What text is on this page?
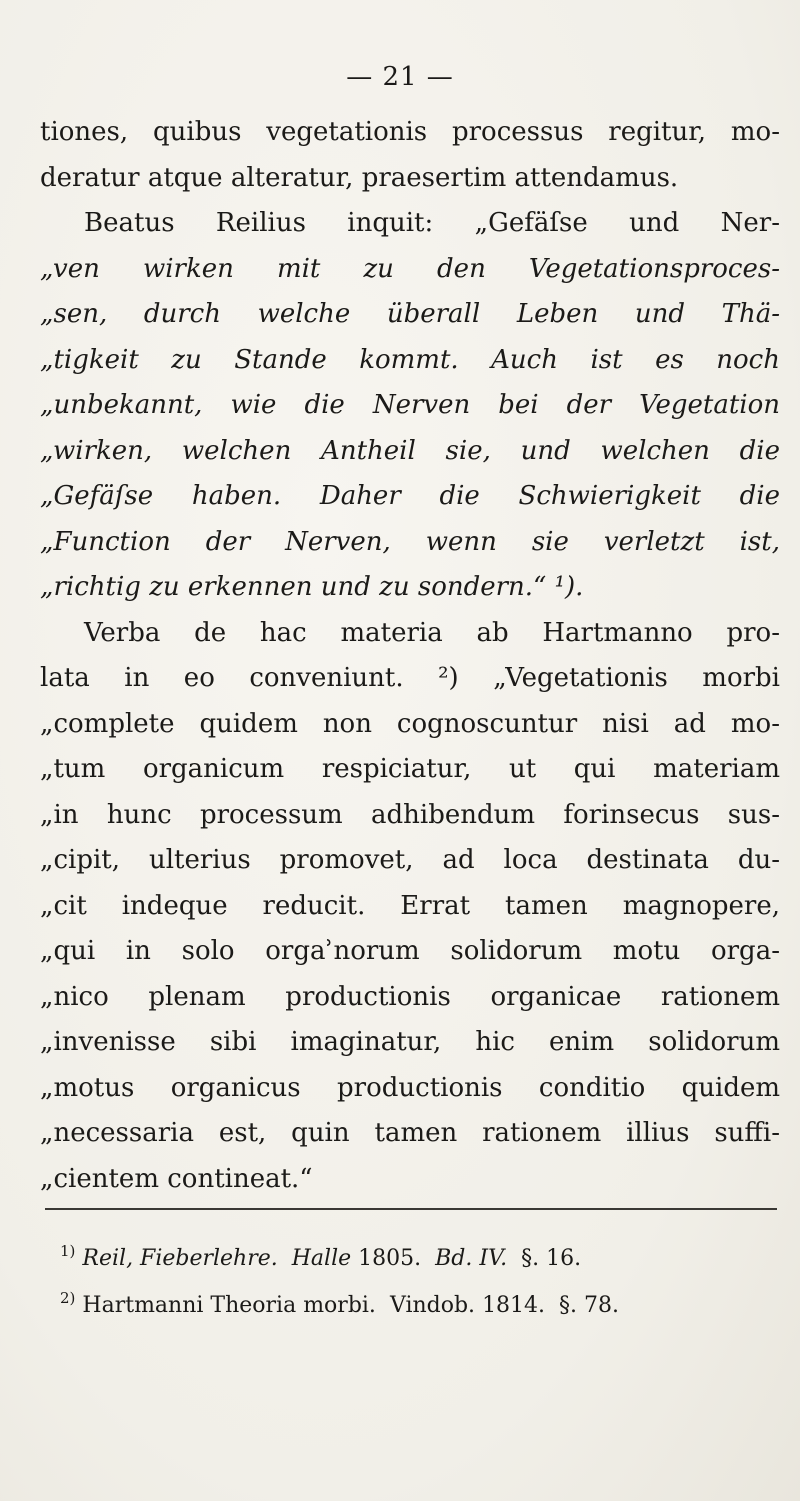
— 21 —
tiones, quibus vegetationis processus regitur, mo-
deratur atque alteratur, praesertim attendamus.
Beatus Reilius inquit: „Gefäſse und Ner-
„ven wirken mit zu den Vegetationsproces-
„sen, durch welche überall Leben und Thä-
„tigkeit zu Stande kommt. Auch ist es noch
„unbekannt, wie die Nerven bei der Vegetation
„wirken, welchen Antheil sie, und welchen die
„Gefäſse haben. Daher die Schwierigkeit die
„Function der Nerven, wenn sie verletzt ist,
„richtig zu erkennen und zu sondern.“ ¹).
Verba de hac materia ab Hartmanno pro-
lata in eo conveniunt. ²) „Vegetationis morbi
„complete quidem non cognoscuntur nisi ad mo-
„tum organicum respiciatur, ut qui materiam
„in hunc processum adhibendum forinsecus sus-
„cipit, ulterius promovet, ad loca destinata du-
„cit indeque reducit. Errat tamen magnopere,
„qui in solo orgaʾnorum solidorum motu orga-
„nico plenam productionis organicae rationem
„invenisse sibi imaginatur, hic enim solidorum
„motus organicus productionis conditio quidem
„necessaria est, quin tamen rationem illius suffi-
„cientem contineat.“
$^{1)}$ Reil, Fieberlehre. Halle 1805. Bd. IV. §. 16.
$^{2)}$ Hartmanni Theoria morbi. Vindob. 1814. §. 78.
